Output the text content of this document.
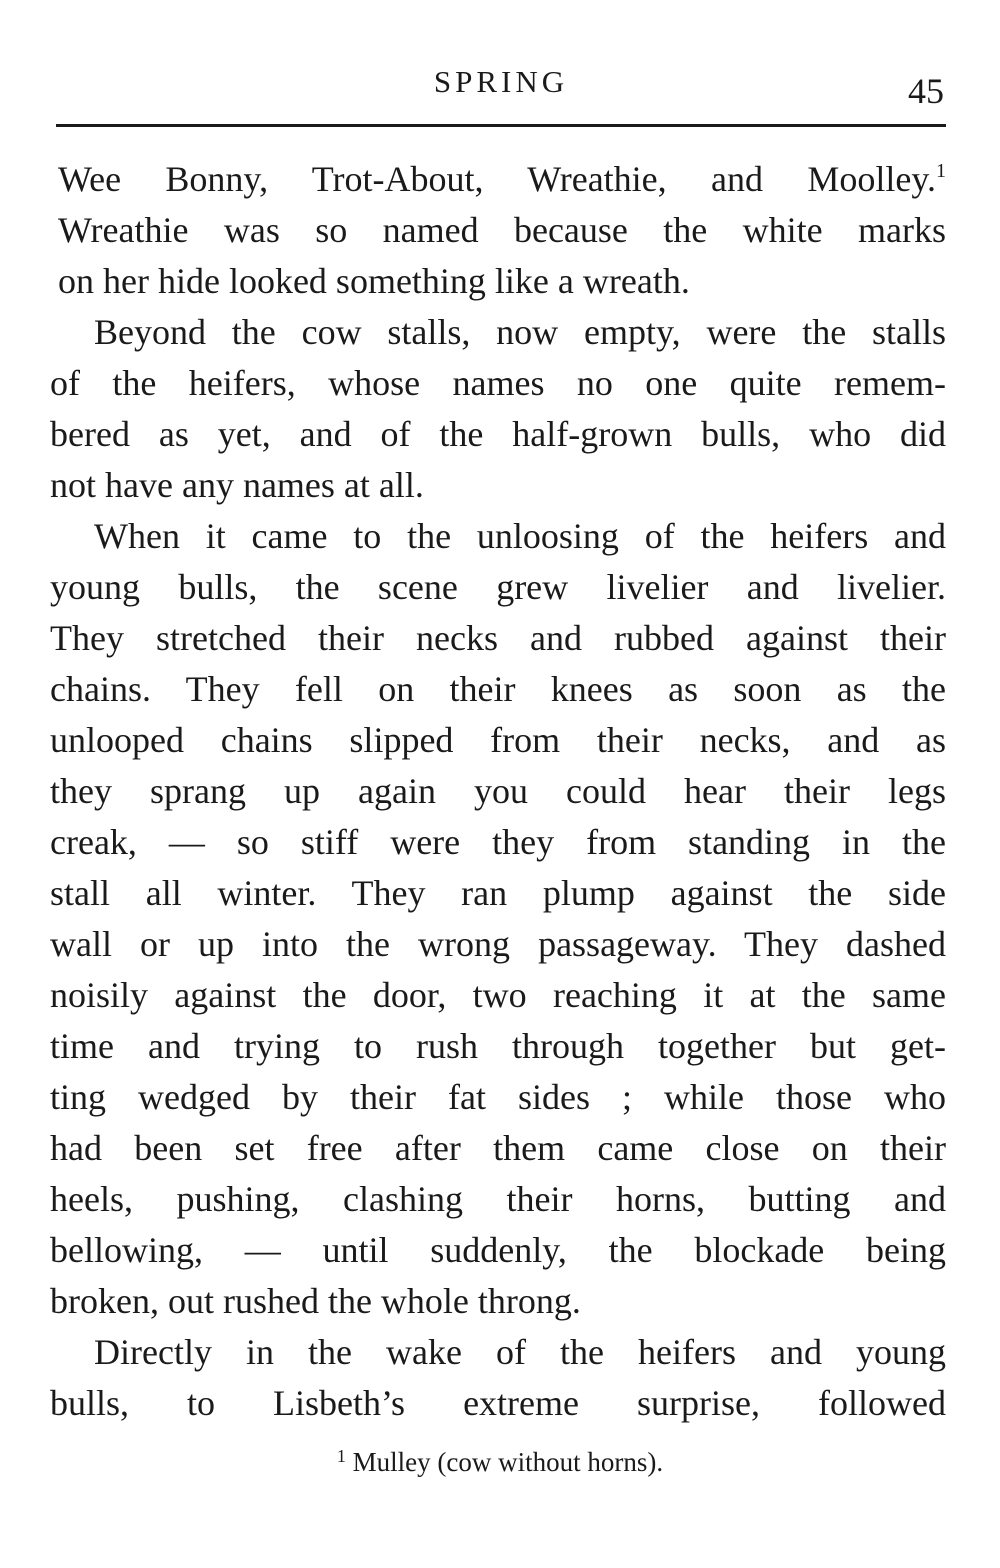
SPRING	45
Wee Bonny, Trot-About, Wreathie, and Moolley.$^1$
Wreathie was so named because the white marks
on her hide looked something like a wreath.
Beyond the cow stalls, now empty, were the stalls
of the heifers, whose names no one quite remem-
bered as yet, and of the half-grown bulls, who did
not have any names at all.
When it came to the unloosing of the heifers and
young bulls, the scene grew livelier and livelier.
They stretched their necks and rubbed against their
chains. They fell on their knees as soon as the
unlooped chains slipped from their necks, and as
they sprang up again you could hear their legs
creak, — so stiff were they from standing in the
stall all winter. They ran plump against the side
wall or up into the wrong passageway. They dashed
noisily against the door, two reaching it at the same
time and trying to rush through together but get-
ting wedged by their fat sides ; while those who
had been set free after them came close on their
heels, pushing, clashing their horns, butting and
bellowing, — until suddenly, the blockade being
broken, out rushed the whole throng.
Directly in the wake of the heifers and young
bulls, to Lisbeth’s extreme surprise, followed
$^1$ Mulley (cow without horns).
